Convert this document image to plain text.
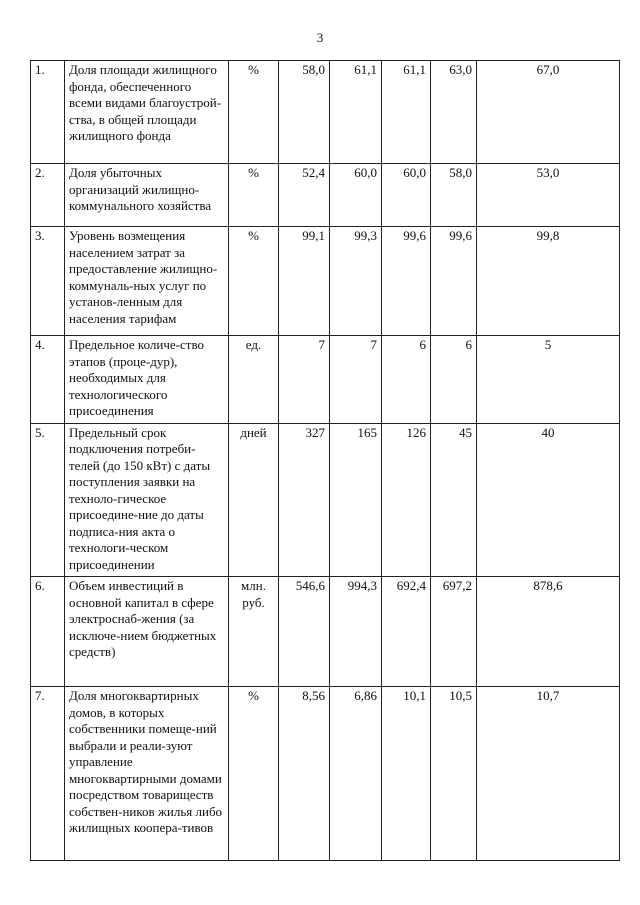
3
1.	Доля площади жилищного фонда, обеспеченного всеми видами благоустрой-ства, в общей площади жилищного фонда	%	58,0	61,1	61,1	63,0	67,0
2.	Доля убыточных организаций жилищно-коммунального хозяйства	%	52,4	60,0	60,0	58,0	53,0
3.	Уровень возмещения населением затрат за предоставление жилищно-коммуналь-ных услуг по установ-ленным для населения тарифам	%	99,1	99,3	99,6	99,6	99,8
4.	Предельное количе-ство этапов (проце-дур), необходимых для технологического присоединения	ед.	7	7	6	6	5
5.	Предельный срок подключения потреби-телей (до 150 кВт) с даты поступления заявки на техноло-гическое присоедине-ние до даты подписа-ния акта о технологи-ческом присоединении	дней	327	165	126	45	40
6.	Объем инвестиций в основной капитал в сфере электроснаб-жения (за исключе-нием бюджетных средств)	млн. руб.	546,6	994,3	692,4	697,2	878,6
7.	Доля многоквартирных домов, в которых собственники помеще-ний выбрали и реали-зуют управление многоквартирными домами посредством товариществ собствен-ников жилья либо жилищных коопера-тивов	%	8,56	6,86	10,1	10,5	10,7
